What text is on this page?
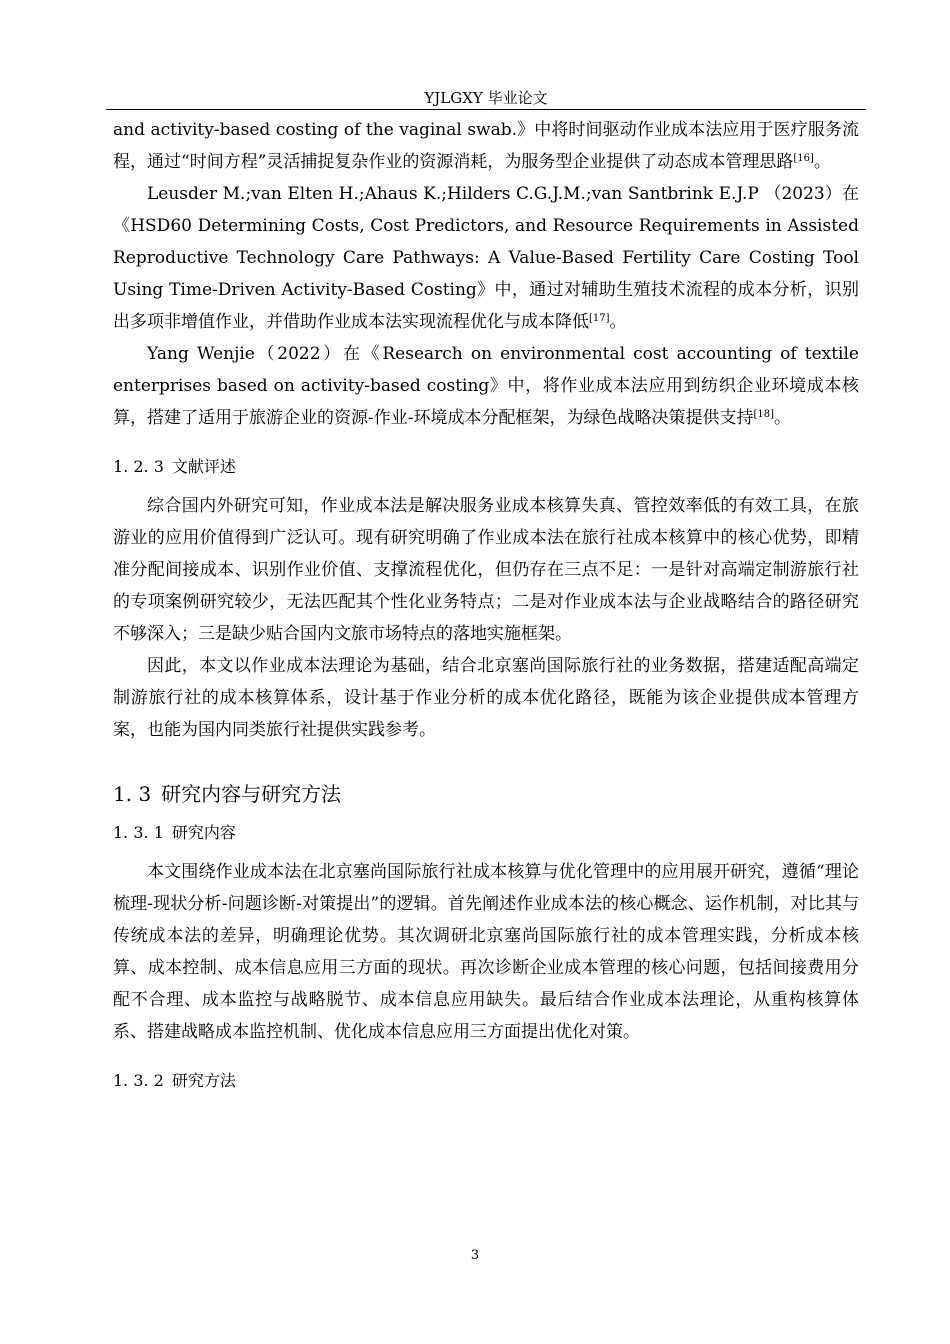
YJLGXY 毕业论文

and activity-based costing of the vaginal swab.》中将时间驱动作业成本法应用于医疗服务流程，通过“时间方程”灵活捕捉复杂作业的资源消耗，为服务型企业提供了动态成本管理思路[16]。

Leusder M.;van Elten H.;Ahaus K.;Hilders C.G.J.M.;van Santbrink E.J.P （2023）在《HSD60 Determining Costs, Cost Predictors, and Resource Requirements in Assisted Reproductive Technology Care Pathways: A Value-Based Fertility Care Costing Tool Using Time-Driven Activity-Based Costing》中，通过对辅助生殖技术流程的成本分析，识别出多项非增值作业，并借助作业成本法实现流程优化与成本降低[17]。

Yang Wenjie（2022）在《Research on environmental cost accounting of textile enterprises based on activity-based costing》中，将作业成本法应用到纺织企业环境成本核算，搭建了适用于旅游企业的资源-作业-环境成本分配框架，为绿色战略决策提供支持[18]。

1. 2. 3 文献评述

综合国内外研究可知，作业成本法是解决服务业成本核算失真、管控效率低的有效工具，在旅游业的应用价值得到广泛认可。现有研究明确了作业成本法在旅行社成本核算中的核心优势，即精准分配间接成本、识别作业价值、支撑流程优化，但仍存在三点不足：一是针对高端定制游旅行社的专项案例研究较少，无法匹配其个性化业务特点；二是对作业成本法与企业战略结合的路径研究不够深入；三是缺少贴合国内文旅市场特点的落地实施框架。

因此，本文以作业成本法理论为基础，结合北京塞尚国际旅行社的业务数据，搭建适配高端定制游旅行社的成本核算体系，设计基于作业分析的成本优化路径，既能为该企业提供成本管理方案，也能为国内同类旅行社提供实践参考。

1. 3 研究内容与研究方法
1. 3. 1 研究内容

本文围绕作业成本法在北京塞尚国际旅行社成本核算与优化管理中的应用展开研究，遵循“理论梳理-现状分析-问题诊断-对策提出”的逻辑。首先阐述作业成本法的核心概念、运作机制，对比其与传统成本法的差异，明确理论优势。其次调研北京塞尚国际旅行社的成本管理实践，分析成本核算、成本控制、成本信息应用三方面的现状。再次诊断企业成本管理的核心问题，包括间接费用分配不合理、成本监控与战略脱节、成本信息应用缺失。最后结合作业成本法理论，从重构核算体系、搭建战略成本监控机制、优化成本信息应用三方面提出优化对策。

1. 3. 2 研究方法
3
